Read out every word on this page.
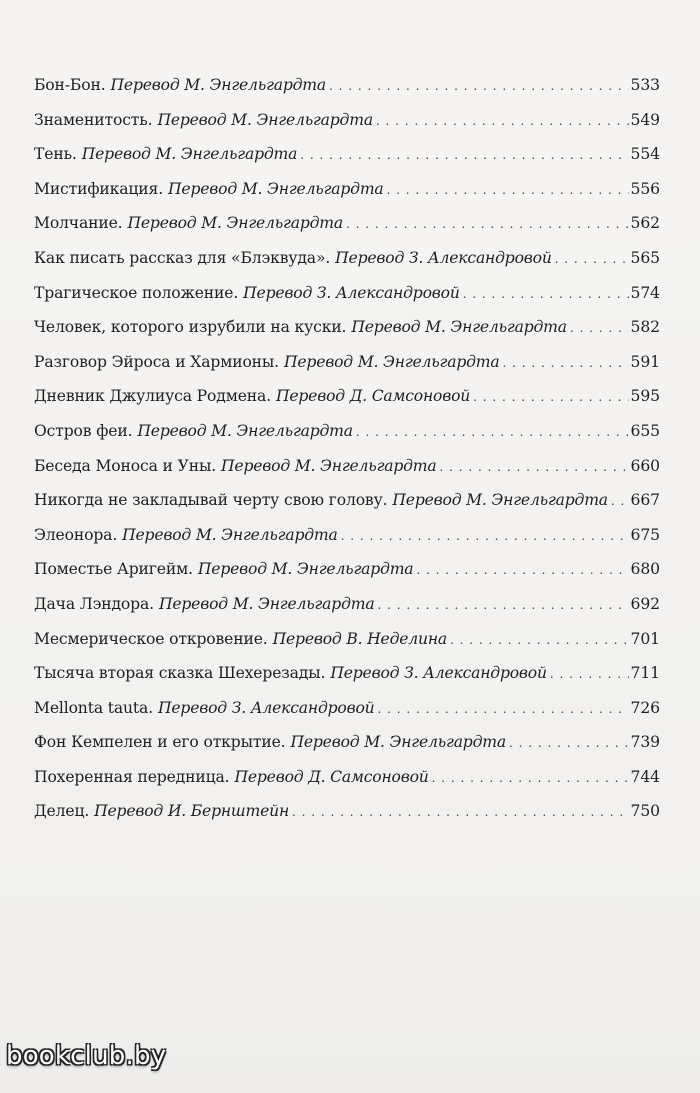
Бон-Бон. Перевод М. Энгельгардта . . .	533
Знаменитость. Перевод М. Энгельгардта . . .	549
Тень. Перевод М. Энгельгардта . . .	554
Мистификация. Перевод М. Энгельгардта . . .	556
Молчание. Перевод М. Энгельгардта . . .	562
Как писать рассказ для «Блэквуда». Перевод З. Александровой . . .	565
Трагическое положение. Перевод З. Александровой . . .	574
Человек, которого изрубили на куски. Перевод М. Энгельгардта . . .	582
Разговор Эйроса и Хармионы. Перевод М. Энгельгардта . . .	591
Дневник Джулиуса Родмена. Перевод Д. Самсоновой . . .	595
Остров феи. Перевод М. Энгельгардта . . .	655
Беседа Моноса и Уны. Перевод М. Энгельгардта . . .	660
Никогда не закладывай черту свою голову. Перевод М. Энгельгардта . . . 667
Элеонора. Перевод М. Энгельгардта . . .	675
Поместье Аригейм. Перевод М. Энгельгардта . . .	680
Дача Лэндора. Перевод М. Энгельгардта . . .	692
Месмерическое откровение. Перевод В. Неделина . . .	701
Тысяча вторая сказка Шехерезады. Перевод З. Александровой . . .	711
Mellonta tauta. Перевод З. Александровой . . .	726
Фон Кемпелен и его открытие. Перевод М. Энгельгардта . . .	739
Похеренная передница. Перевод Д. Самсоновой . . .	744
Делец. Перевод И. Бернштейн . . .	750
bookclub.by
